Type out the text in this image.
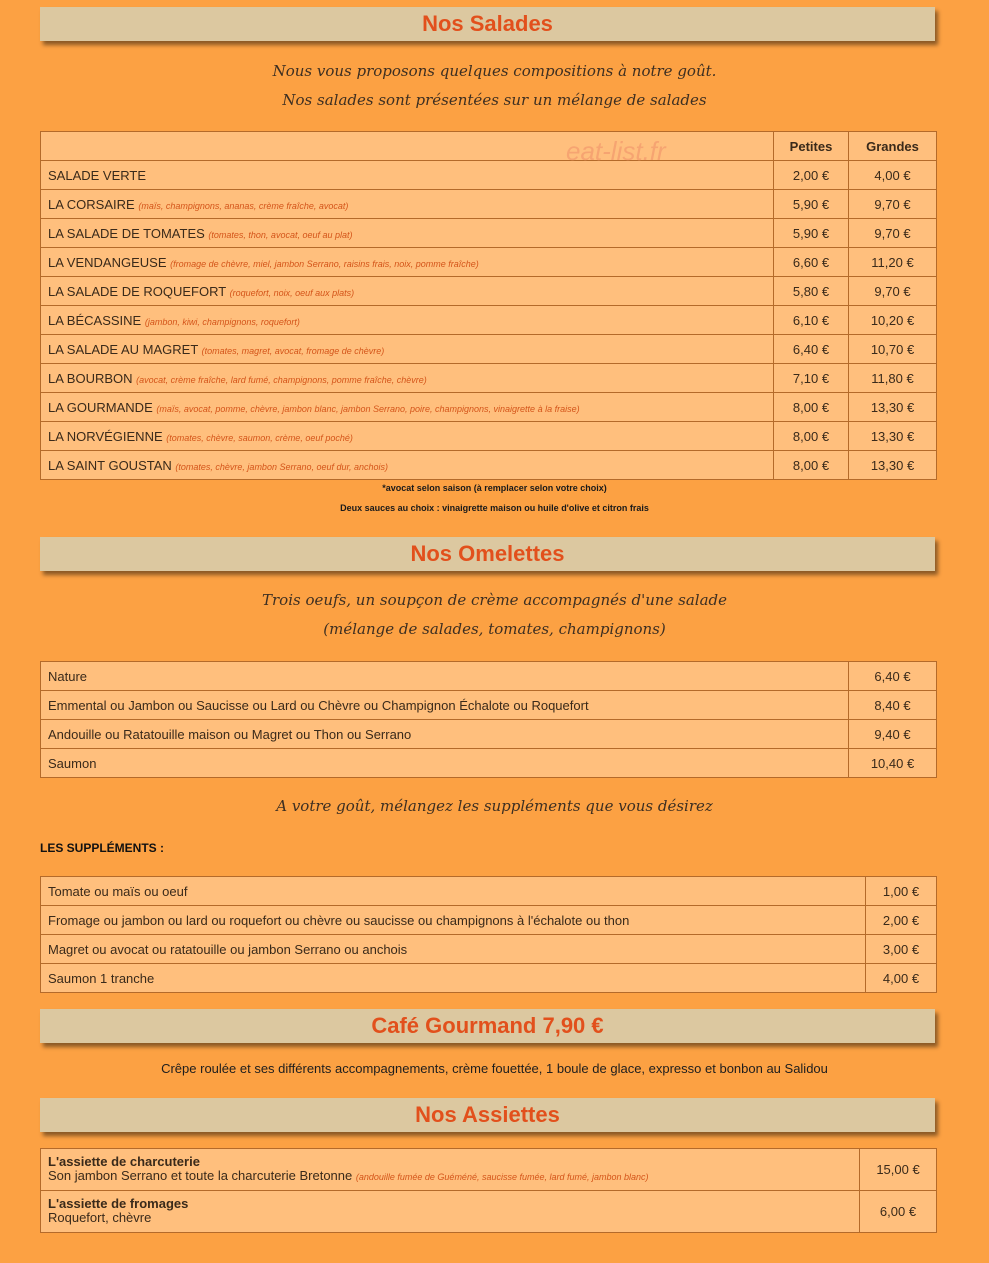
Nos Salades
Nous vous proposons quelques compositions à notre goût.
Nos salades sont présentées sur un mélange de salades
	Petites	Grandes
SALADE VERTE	2,00 €	4,00 €
LA CORSAIRE (maïs, champignons, ananas, crème fraîche, avocat)	5,90 €	9,70 €
LA SALADE DE TOMATES (tomates, thon, avocat, oeuf au plat)	5,90 €	9,70 €
LA VENDANGEUSE (fromage de chèvre, miel, jambon Serrano, raisins frais, noix, pomme fraîche)	6,60 €	11,20 €
LA SALADE DE ROQUEFORT (roquefort, noix, oeuf aux plats)	5,80 €	9,70 €
LA BÉCASSINE (jambon, kiwi, champignons, roquefort)	6,10 €	10,20 €
LA SALADE AU MAGRET (tomates, magret, avocat, fromage de chèvre)	6,40 €	10,70 €
LA BOURBON (avocat, crème fraîche, lard fumé, champignons, pomme fraîche, chèvre)	7,10 €	11,80 €
LA GOURMANDE (maïs, avocat, pomme, chèvre, jambon blanc, jambon Serrano, poire, champignons, vinaigrette à la fraise)	8,00 €	13,30 €
LA NORVÉGIENNE (tomates, chèvre, saumon, crème, oeuf poché)	8,00 €	13,30 €
LA SAINT GOUSTAN (tomates, chèvre, jambon Serrano, oeuf dur, anchois)	8,00 €	13,30 €
eat-list.fr
*avocat selon saison (à remplacer selon votre choix)
Deux sauces au choix : vinaigrette maison ou huile d'olive et citron frais
Nos Omelettes
Trois oeufs, un soupçon de crème accompagnés d'une salade
(mélange de salades, tomates, champignons)
Nature	6,40 €
Emmental ou Jambon ou Saucisse ou Lard ou Chèvre ou Champignon Échalote ou Roquefort	8,40 €
Andouille ou Ratatouille maison ou Magret ou Thon ou Serrano	9,40 €
Saumon	10,40 €
A votre goût, mélangez les suppléments que vous désirez
LES SUPPLÉMENTS :
Tomate ou maïs ou oeuf	1,00 €
Fromage ou jambon ou lard ou roquefort ou chèvre ou saucisse ou champignons à l'échalote ou thon	2,00 €
Magret ou avocat ou ratatouille ou jambon Serrano ou anchois	3,00 €
Saumon 1 tranche	4,00 €
Café Gourmand 7,90 €
Crêpe roulée et ses différents accompagnements, crème fouettée, 1 boule de glace, expresso et bonbon au Salidou
Nos Assiettes
L'assiette de charcuterie
Son jambon Serrano et toute la charcuterie Bretonne (andouille fumée de Guéméné, saucisse fumée, lard fumé, jambon blanc)	15,00 €

L'assiette de fromages
Roquefort, chèvre	6,00 €
